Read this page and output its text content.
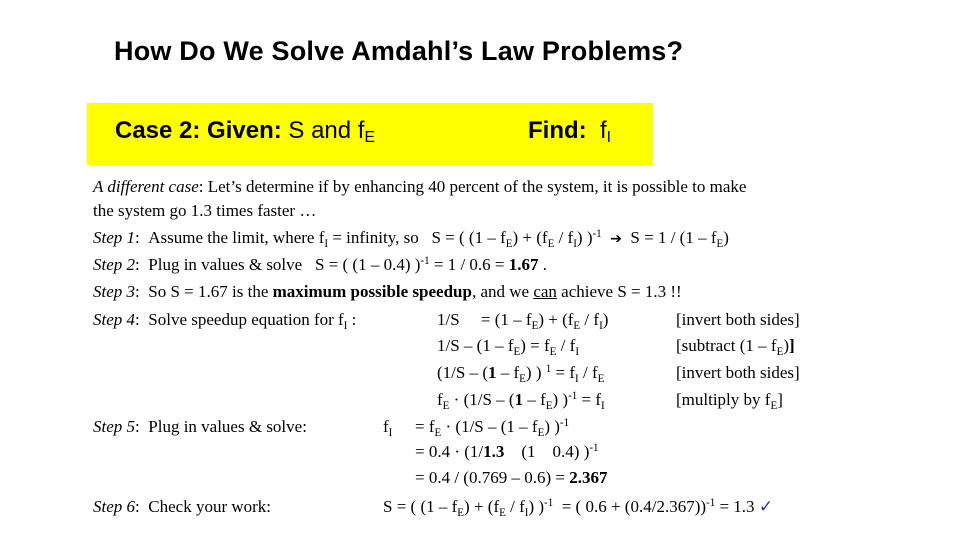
How Do We Solve Amdahl’s Law Problems?
Case 2: Given: S and $f_E$	Find: $f_I$
A different case: Let’s determine if by enhancing 40 percent of the system, it is possible to make
the system go 1.3 times faster …
Step 1:  Assume the limit, where $f_I$ = infinity, so   S = ( $(1 - f_E) + (f_E / f_I)$ )$^{-1}$ ➔  $S = 1 / (1 - f_E)$
Step 2:  Plug in values & solve   S = ( (1 – 0.4) )$^{-1}$ = 1 / 0.6 = 1.67 .
Step 3:  So S = 1.67 is the maximum possible speedup, and we can achieve S = 1.3 !!
Step 4:  Solve speedup equation for $f_I$ :	1/S     = $(1 - f_E) + (f_E / f_I)$	[invert both sides]
$1/S - (1 - f_E) = f_E / f_I$	[subtract $(1 - f_E)$]
($1/S - (1 - f_E)$ ) $^1 = f_I / f_E$	[invert both sides]
$f_E \cdot (1/S - (1 - f_E) )^{-1} = f_I$	[multiply by $f_E$]
Step 5:  Plug in values & solve:	$f_I = f_E \cdot (1/S - (1 - f_E)$ )$^{-1}$
= 0.4 · (1/1.3    (1    0.4) )$^{-1}$
= 0.4 / (0.769 – 0.6) = 2.367
Step 6:  Check your work:	S = ( $(1 - f_E) + (f_E / f_I)$ )$^{-1}$  = ( 0.6 + (0.4/2.367))$^{-1}$ = 1.3 ✓
